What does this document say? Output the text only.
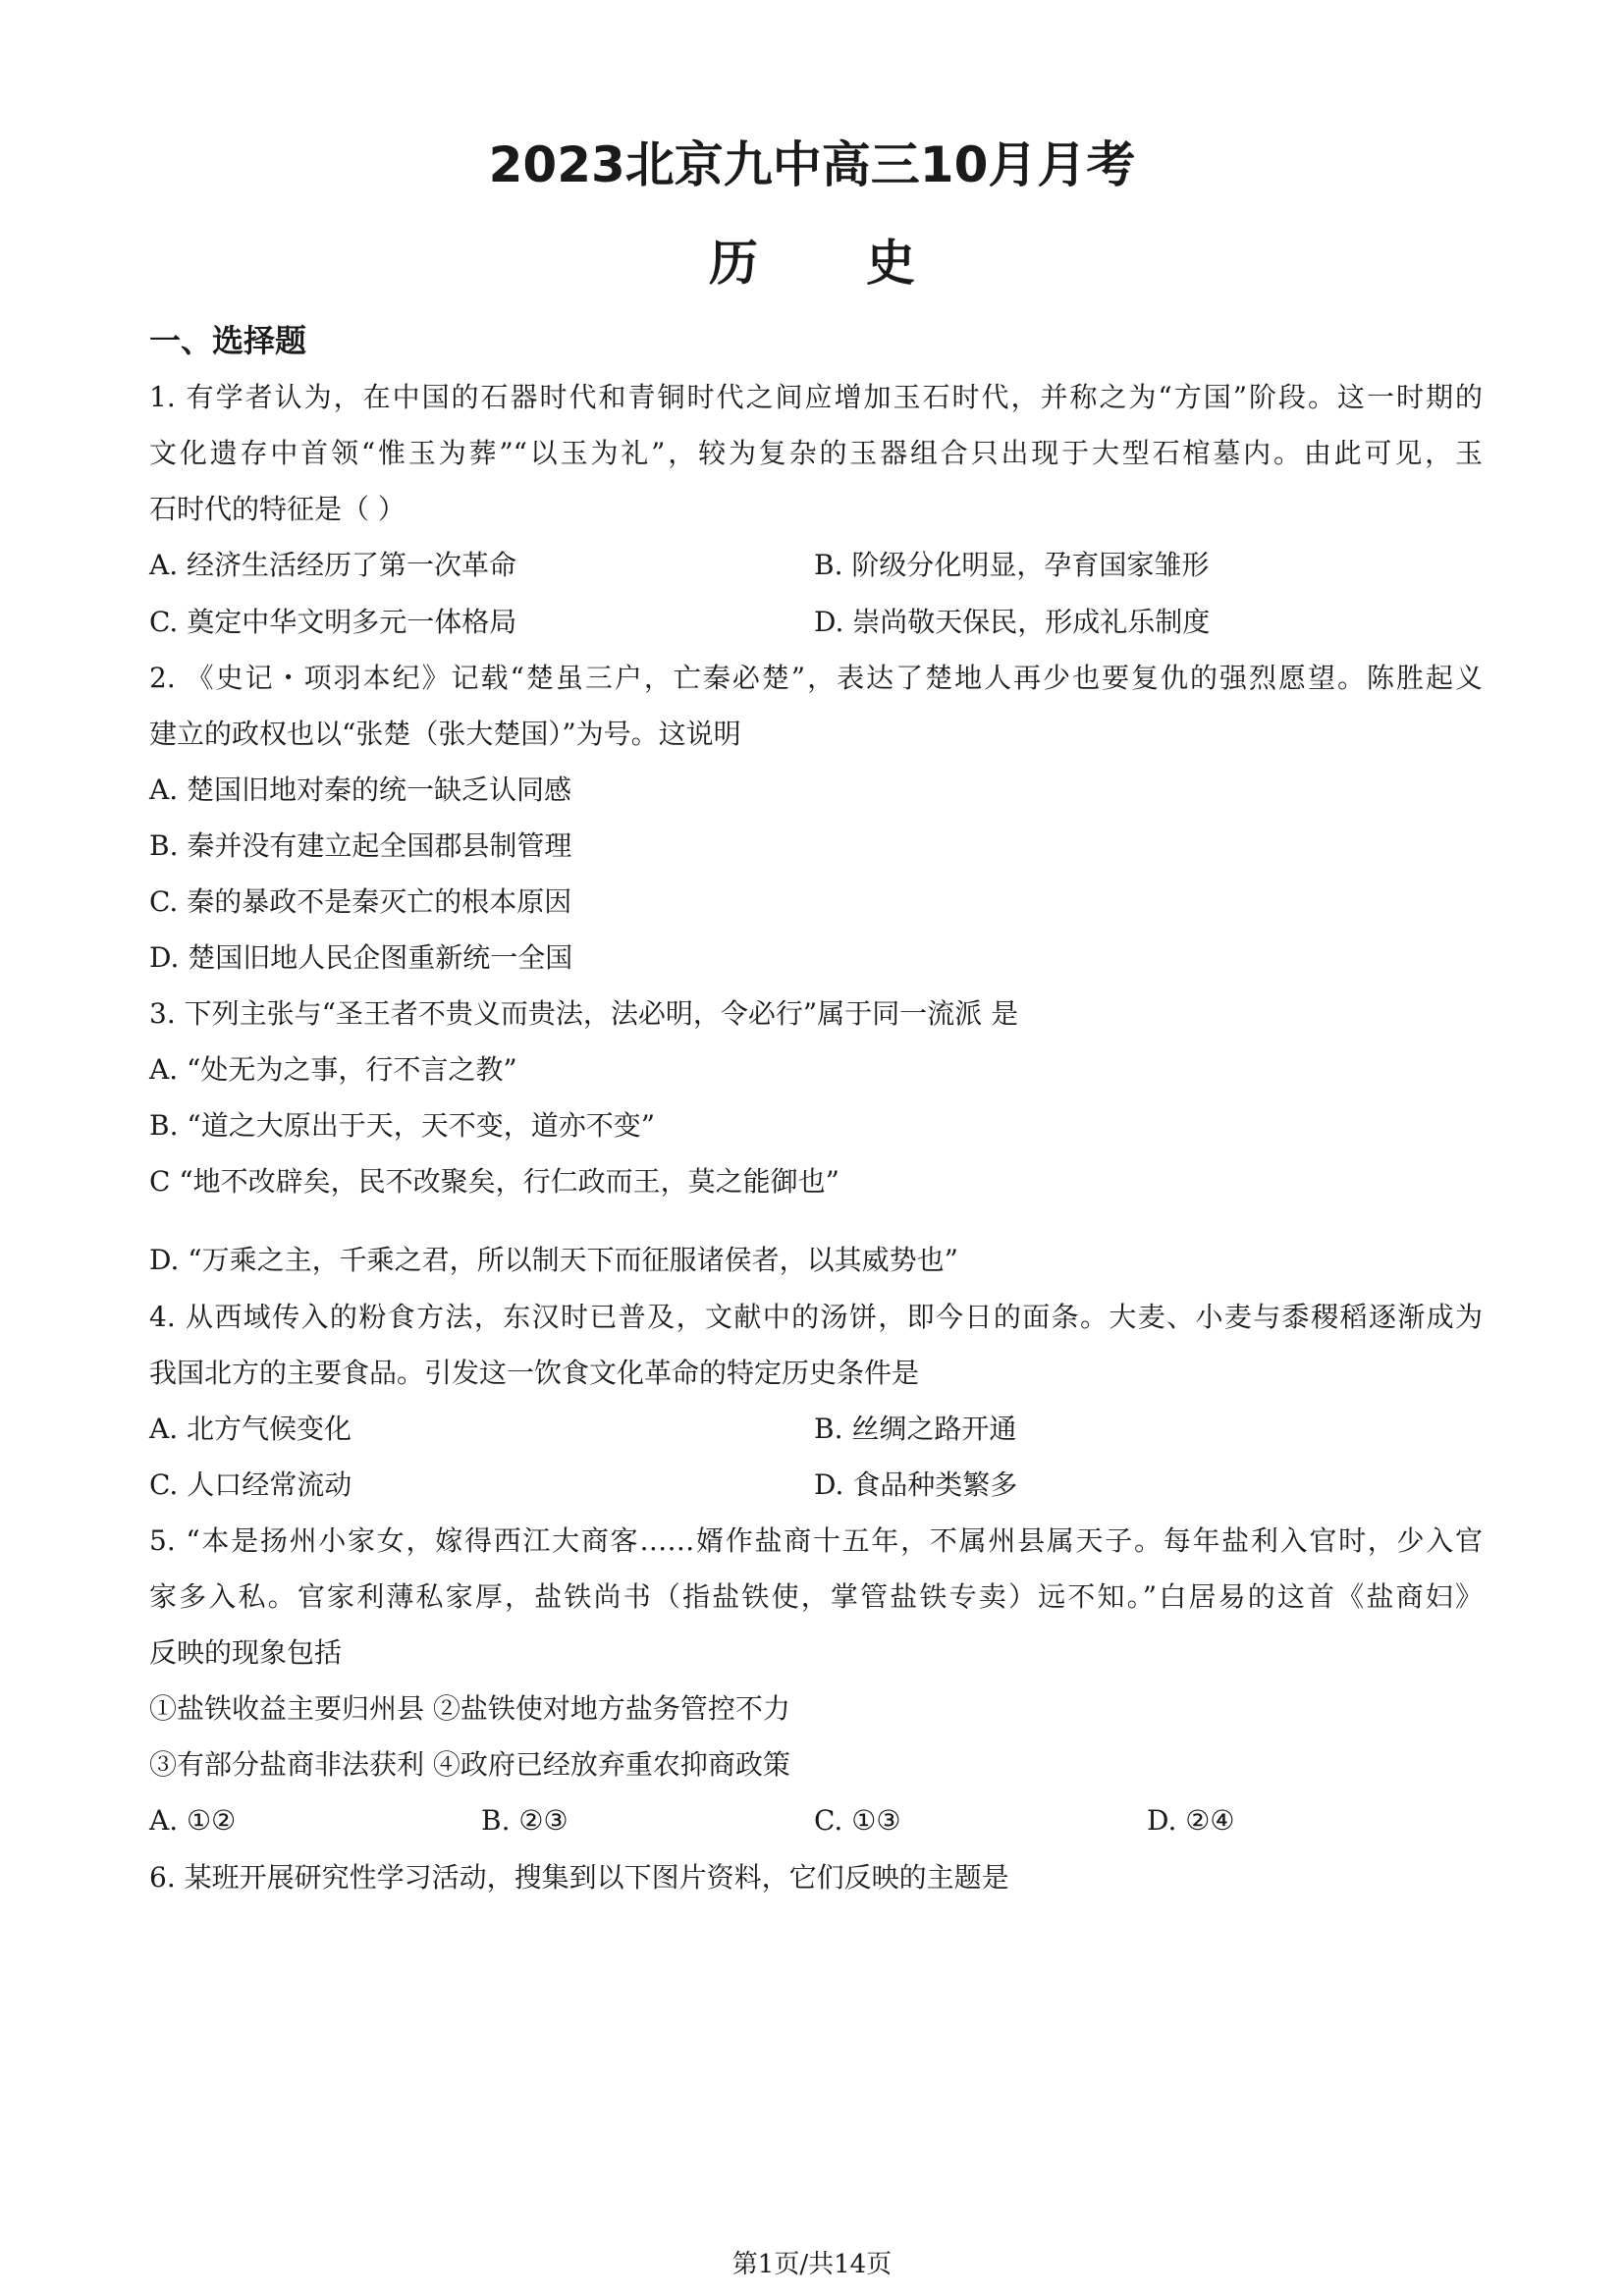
2023北京九中高三10月月考
历 史
一、选择题
1. 有学者认为，在中国的石器时代和青铜时代之间应增加玉石时代，并称之为“方国”阶段。这一时期的
文化遗存中首领“惟玉为葬”“以玉为礼”，较为复杂的玉器组合只出现于大型石棺墓内。由此可见，玉
石时代的特征是（ ）
A. 经济生活经历了第一次革命	B. 阶级分化明显，孕育国家雏形
C. 奠定中华文明多元一体格局	D. 崇尚敬天保民，形成礼乐制度
2. 《史记・项羽本纪》记载“楚虽三户，亡秦必楚”，表达了楚地人再少也要复仇的强烈愿望。陈胜起义
建立的政权也以“张楚（张大楚国）”为号。这说明
A. 楚国旧地对秦的统一缺乏认同感
B. 秦并没有建立起全国郡县制管理
C. 秦的暴政不是秦灭亡的根本原因
D. 楚国旧地人民企图重新统一全国
3. 下列主张与“圣王者不贵义而贵法，法必明，令必行”属于同一流派 是
A. “处无为之事，行不言之教”
B. “道之大原出于天，天不变，道亦不变”
C “地不改辟矣，民不改聚矣，行仁政而王，莫之能御也”
D. “万乘之主，千乘之君，所以制天下而征服诸侯者，以其威势也”
4. 从西域传入的粉食方法，东汉时已普及，文献中的汤饼，即今日的面条。大麦、小麦与黍稷稻逐渐成为
我国北方的主要食品。引发这一饮食文化革命的特定历史条件是
A. 北方气候变化	B. 丝绸之路开通
C. 人口经常流动	D. 食品种类繁多
5. “本是扬州小家女，嫁得西江大商客……婿作盐商十五年，不属州县属天子。每年盐利入官时，少入官
家多入私。官家利薄私家厚，盐铁尚书（指盐铁使，掌管盐铁专卖）远不知。”白居易的这首《盐商妇》
反映的现象包括
①盐铁收益主要归州县 ②盐铁使对地方盐务管控不力
③有部分盐商非法获利 ④政府已经放弃重农抑商政策
A. ①②	B. ②③	C. ①③	D. ②④
6. 某班开展研究性学习活动，搜集到以下图片资料，它们反映的主题是
第1页/共14页
